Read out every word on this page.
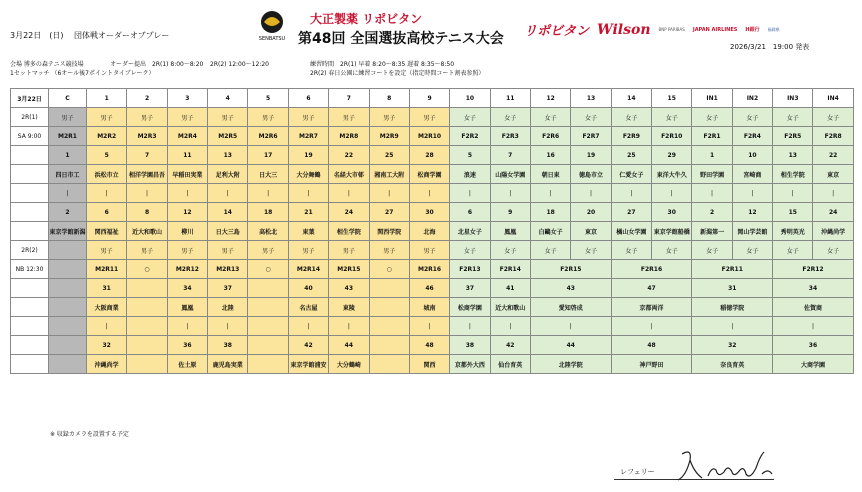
3月22日　(日)　 団体戦オーダーオブプレー
会場 博多の森テニス競技場	オーダー提出　2R(1) 8:00〜8:20	2R(2) 12:00〜12:20	練習時間　2R(1) 早着 8:20〜8:35 遅着 8:35〜8:50
1セットマッチ （6オール後7ポイントタイブレーク）	2R(2) 春日公園に練習コートを設定（指定時間コート割表参照）
SENBATSU
大正製薬 リポビタン
第48回 全国選抜高校テニス大会 リポビタン Wilson BNP PARIBAS JAPAN AIRLINES H銀行 福岡県
2026/3/21　19:00 発表
3月22日	C	1	2	3	4	5	6	7	8	9	10	11	12	13	14	15	IN1	IN2	IN3	IN4
2R(1)	男子	男子	男子	男子	男子	男子	男子	男子	男子	男子	女子	女子	女子	女子	女子	女子	女子	女子	女子	女子
SA 9:00	M2R1	M2R2	M2R3	M2R4	M2R5	M2R6	M2R7	M2R8	M2R9	M2R10	F2R2	F2R3	F2R6	F2R7	F2R9	F2R10	F2R1	F2R4	F2R5	F2R8
	1	5	7	11	13	17	19	22	25	28	5	7	16	19	25	29	1	10	13	22
	四日市工	浜松市立	相洋学園昌吾	早稲田実業	足利大附	日大三	大分舞鶴	名経大市邨	湘南工大附	松商学園	浪速	山陽女学園	朝日東	徳島市立	仁愛女子	東洋大牛久	野田学園	宮崎商	相生学院	東京
	|	|	|	|	|	|	|	|	|	|	|	|	|	|	|	|	|	|	|	|
	2	6	8	12	14	18	21	24	27	30	6	9	18	20	27	30	2	12	15	24
	東京学館新潟	関西福祉	近大和歌山	柳川	日大三島	高松北	東葉	相生学院	関西学院	北海	北星女子	鳳凰	白鷗女子	東京	橘山女学園	東京学館船橋	新潟第一	岡山学芸館	秀明英光	沖縄尚学
2R(2)		男子	男子	男子	男子	男子	男子	男子	男子	男子	女子	女子	女子	女子	女子	女子	女子	女子	女子	女子
NB 12:30		M2R11	○	M2R12	M2R13	○	M2R14	M2R15	○	M2R16	F2R13	F2R14	F2R15		F2R16		F2R11		F2R12	
		31		34	37		40	43		46	37	41	43		47		31		34	
		大阪商業		鳳凰	北陸		名古屋	東陵		城南	松商学園	近大和歌山	愛知啓成		京都両洋		稲徳学院		佐賀商	
		|		|	|		|	|		|	|	|	|		|		|		|	
		32		36	38		42	44		48	38	42	44		48		32		36	
		沖縄尚学		佐土原	鹿児島実業		東京学館浦安	大分鶴崎		関西	京都外大西	仙台育英	北陸学院		神戸野田		奈良育英		大商学園	
※ 収録カメラを設置する予定
レフェリー
